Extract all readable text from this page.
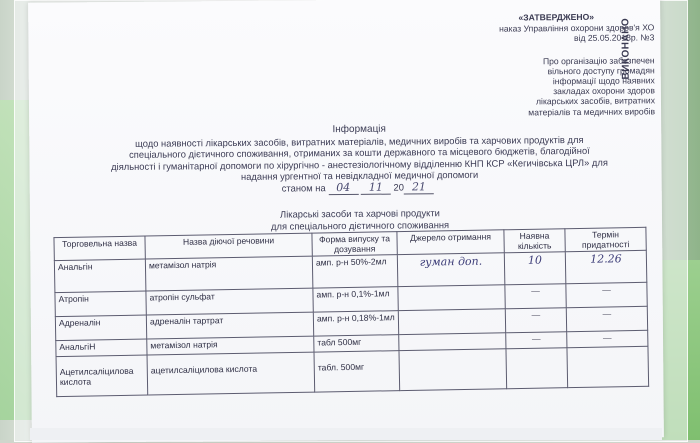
«ЗАТВЕРДЖЕНО»
наказ Управління охорони здоров'я ХО
від 25.05.2018р. №3
Про організацію забезпечен
вільного доступу громадян
інформації щодо наявних
закладах охорони здоров
лікарських засобів, витратних
матеріалів та медичних виробів
ВИКОНАНО
Інформація
щодо наявності лікарських засобів, витратних матеріалів, медичних виробів та харчових продуктів для
спеціального дієтичного споживання, отриманих за кошти державного та місцевого бюджетів, благодійної
діяльності і гуманітарної допомоги по хірургічно - анестезіологічному відділенню КНП КСР «Кегичівська ЦРЛ» для
надання ургентної та невідкладної медичної допомоги
станом на 04 11 20 21
Лікарські засоби та харчові продукти
для спеціального дієтичного споживання
Торговельна назва	Назва діючої речовини	Форма випуску та дозування	Джерело отримання	Наявна кількість	Термін придатності
Анальгін	метамізол натрія	амп. р-н 50%-2мл	гуман доп.	10	12.26
Атропін	атропін сульфат	амп. р-н 0,1%-1мл		—	—

Адреналін	адреналін тартрат	амп. р-н 0,18%-1мл		—	—

АнальгіН	метамізол натрія	табл 500мг		—	—

Ацетилсаліцилова кислота	ацетилсаліцилова кислота	табл. 500мг			
